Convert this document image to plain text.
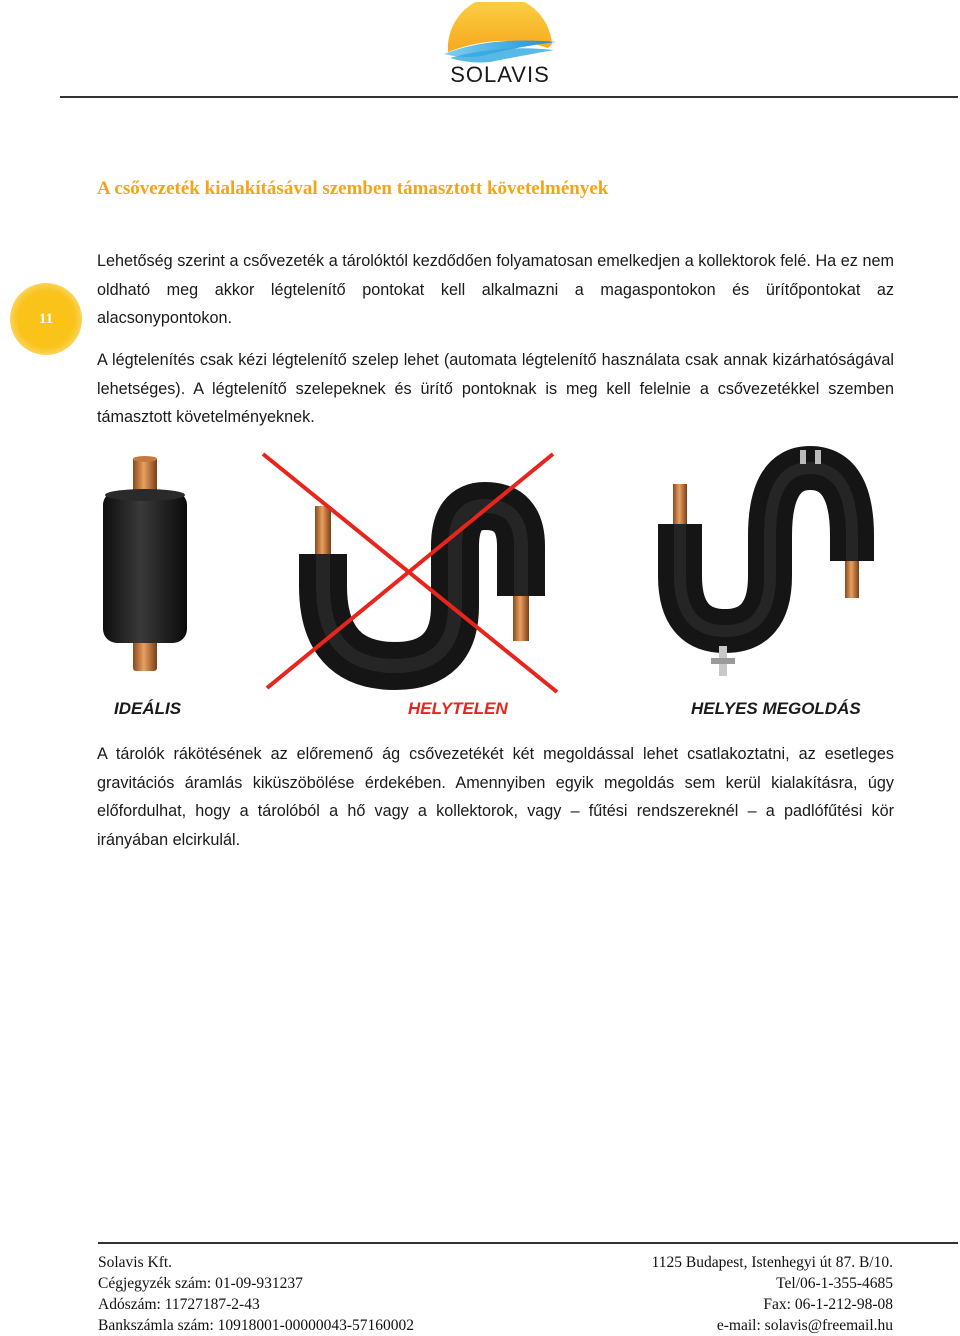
SOLAVIS
11
A csővezeték kialakításával szemben támasztott követelmények
Lehetőség szerint a csővezeték a tárolóktól kezdődően folyamatosan emelkedjen a kollektorok felé. Ha ez nem oldható meg akkor légtelenítő pontokat kell alkalmazni a magaspontokon és ürítőpontokat az alacsonypontokon.
A légtelenítés csak kézi légtelenítő szelep lehet (automata légtelenítő használata csak annak kizárhatóságával lehetséges). A légtelenítő szelepeknek és ürítő pontoknak is meg kell felelnie a csővezetékkel szemben támasztott követelményeknek.
IDEÁLIS	HELYTELEN	HELYES MEGOLDÁS
A tárolók rákötésének az előremenő ág csővezetékét két megoldással lehet csatlakoztatni, az esetleges gravitációs áramlás kiküszöbölése érdekében. Amennyiben egyik megoldás sem kerül kialakításra, úgy előfordulhat, hogy a tárolóból a hő vagy a kollektorok, vagy – fűtési rendszereknél – a padlófűtési kör irányában elcirkulál.
Solavis Kft.
Cégjegyzék szám: 01-09-931237
Adószám: 11727187-2-43
Bankszámla szám: 10918001-00000043-57160002
1125 Budapest, Istenhegyi út 87. B/10.
Tel/06-1-355-4685
Fax: 06-1-212-98-08
e-mail: solavis@freemail.hu
